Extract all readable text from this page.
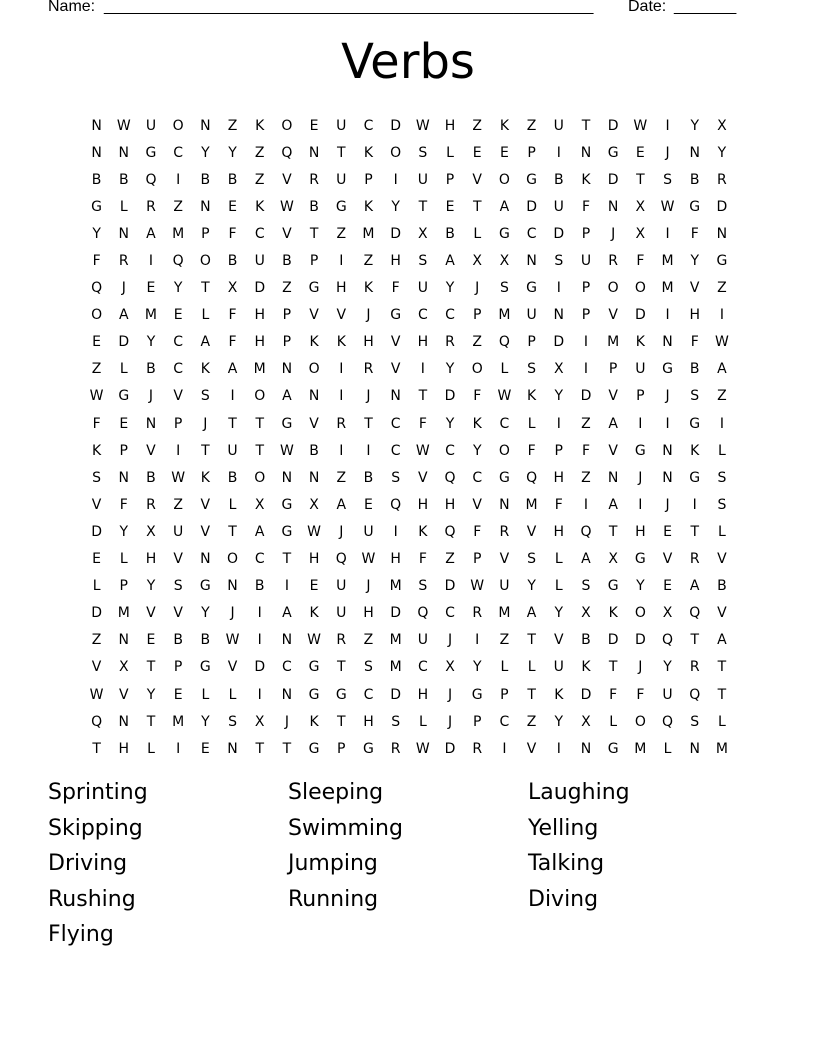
Name: _______________________________________________________ Date: _______
Verbs
N	W	U	O	N	Z	K	O	E	U	C	D	W	H	Z	K	Z	U	T	D	W	I	Y	X
N	N	G	C	Y	Y	Z	Q	N	T	K	O	S	L	E	E	P	I	N	G	E	J	N	Y
B	B	Q	I	B	B	Z	V	R	U	P	I	U	P	V	O	G	B	K	D	T	S	B	R
G	L	R	Z	N	E	K	W	B	G	K	Y	T	E	T	A	D	U	F	N	X	W	G	D
Y	N	A	M	P	F	C	V	T	Z	M	D	X	B	L	G	C	D	P	J	X	I	F	N
F	R	I	Q	O	B	U	B	P	I	Z	H	S	A	X	X	N	S	U	R	F	M	Y	G
Q	J	E	Y	T	X	D	Z	G	H	K	F	U	Y	J	S	G	I	P	O	O	M	V	Z
O	A	M	E	L	F	H	P	V	V	J	G	C	C	P	M	U	N	P	V	D	I	H	I
E	D	Y	C	A	F	H	P	K	K	H	V	H	R	Z	Q	P	D	I	M	K	N	F	W
Z	L	B	C	K	A	M	N	O	I	R	V	I	Y	O	L	S	X	I	P	U	G	B	A
W	G	J	V	S	I	O	A	N	I	J	N	T	D	F	W	K	Y	D	V	P	J	S	Z
F	E	N	P	J	T	T	G	V	R	T	C	F	Y	K	C	L	I	Z	A	I	I	G	I
K	P	V	I	T	U	T	W	B	I	I	C	W	C	Y	O	F	P	F	V	G	N	K	L
S	N	B	W	K	B	O	N	N	Z	B	S	V	Q	C	G	Q	H	Z	N	J	N	G	S
V	F	R	Z	V	L	X	G	X	A	E	Q	H	H	V	N	M	F	I	A	I	J	I	S
D	Y	X	U	V	T	A	G	W	J	U	I	K	Q	F	R	V	H	Q	T	H	E	T	L
E	L	H	V	N	O	C	T	H	Q	W	H	F	Z	P	V	S	L	A	X	G	V	R	V
L	P	Y	S	G	N	B	I	E	U	J	M	S	D	W	U	Y	L	S	G	Y	E	A	B
D	M	V	V	Y	J	I	A	K	U	H	D	Q	C	R	M	A	Y	X	K	O	X	Q	V
Z	N	E	B	B	W	I	N	W	R	Z	M	U	J	I	Z	T	V	B	D	D	Q	T	A
V	X	T	P	G	V	D	C	G	T	S	M	C	X	Y	L	L	U	K	T	J	Y	R	T
W	V	Y	E	L	L	I	N	G	G	C	D	H	J	G	P	T	K	D	F	F	U	Q	T
Q	N	T	M	Y	S	X	J	K	T	H	S	L	J	P	C	Z	Y	X	L	O	Q	S	L
T	H	L	I	E	N	T	T	G	P	G	R	W	D	R	I	V	I	N	G	M	L	N	M
Sprinting	Sleeping	Laughing
Skipping	Swimming	Yelling
Driving	Jumping	Talking
Rushing	Running	Diving
Flying
